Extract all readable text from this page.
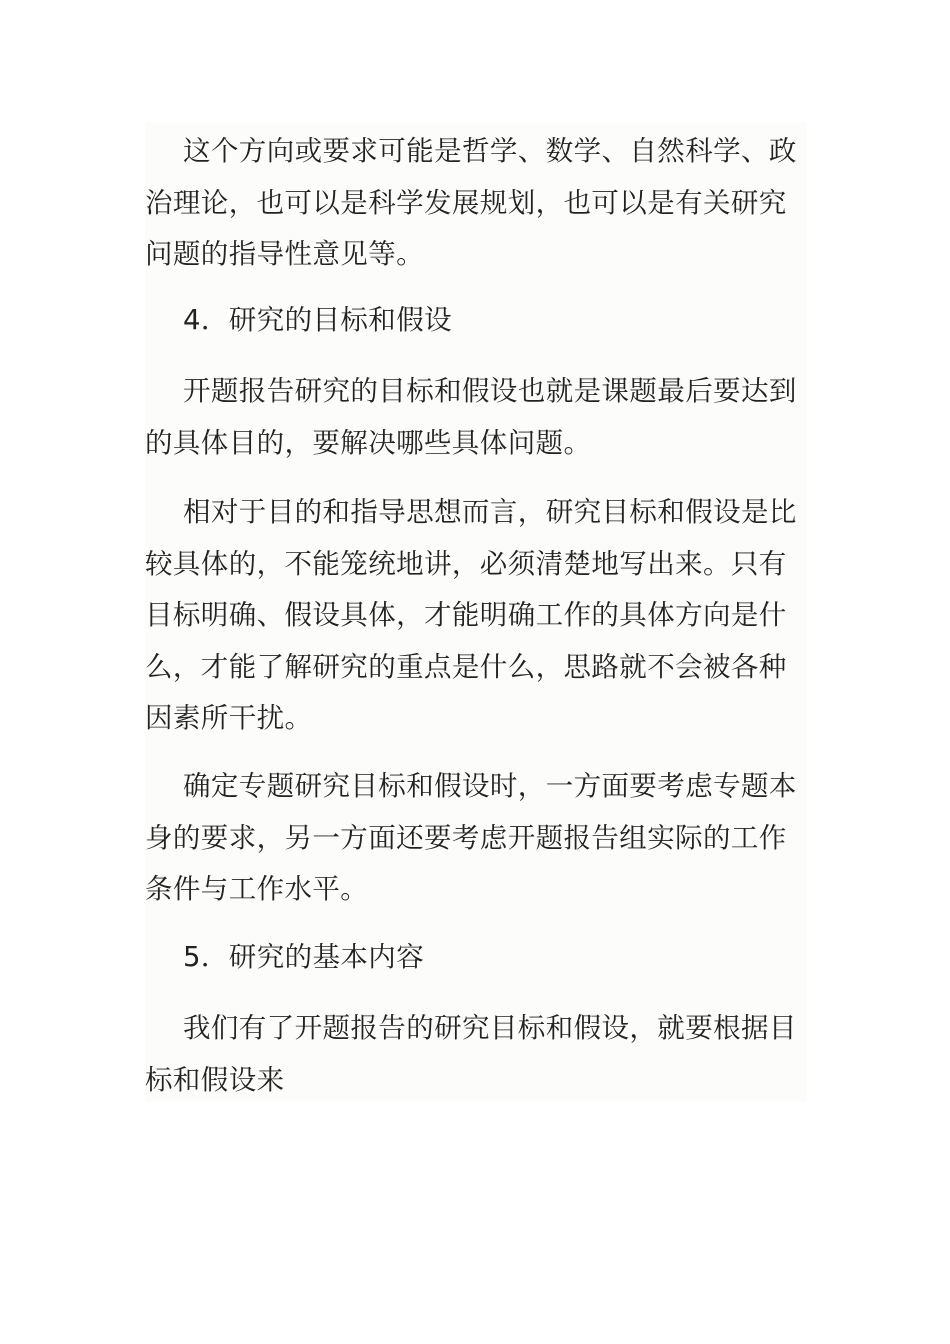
这个方向或要求可能是哲学、数学、自然科学、政治理论，也可以是科学发展规划，也可以是有关研究问题的指导性意见等。

4．研究的目标和假设

开题报告研究的目标和假设也就是课题最后要达到的具体目的，要解决哪些具体问题。

相对于目的和指导思想而言，研究目标和假设是比较具体的，不能笼统地讲，必须清楚地写出来。只有目标明确、假设具体，才能明确工作的具体方向是什么，才能了解研究的重点是什么，思路就不会被各种因素所干扰。

确定专题研究目标和假设时，一方面要考虑专题本身的要求，另一方面还要考虑开题报告组实际的工作条件与工作水平。

5．研究的基本内容

我们有了开题报告的研究目标和假设，就要根据目标和假设来
